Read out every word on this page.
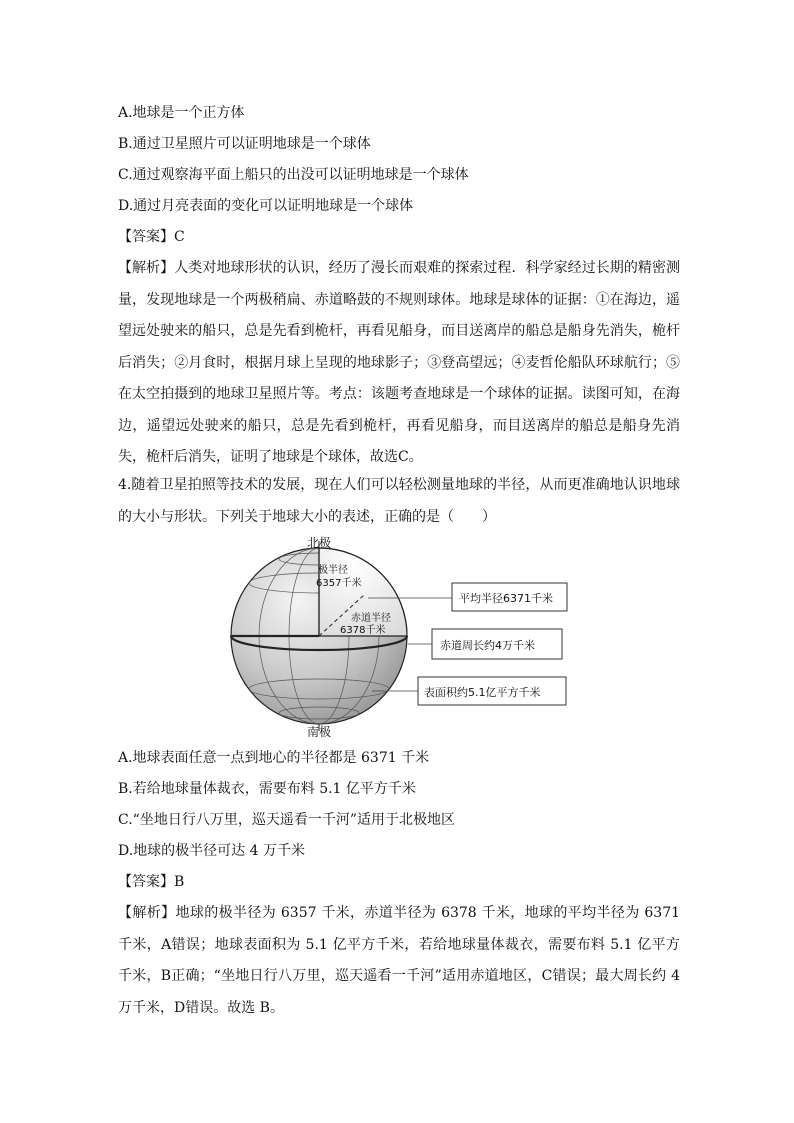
A.地球是一个正方体
B.通过卫星照片可以证明地球是一个球体
C.通过观察海平面上船只的出没可以证明地球是一个球体
D.通过月亮表面的变化可以证明地球是一个球体
【答案】C
【解析】人类对地球形状的认识，经历了漫长而艰难的探索过程．科学家经过长期的精密测量，发现地球是一个两极稍扁、赤道略鼓的不规则球体。地球是球体的证据：①在海边，遥望远处驶来的船只，总是先看到桅杆，再看见船身，而目送离岸的船总是船身先消失，桅杆后消失；②月食时，根据月球上呈现的地球影子；③登高望远；④麦哲伦船队环球航行；⑤在太空拍摄到的地球卫星照片等。考点：该题考查地球是一个球体的证据。读图可知，在海边，遥望远处驶来的船只，总是先看到桅杆，再看见船身，而目送离岸的船总是船身先消失，桅杆后消失，证明了地球是个球体，故选C。
4.随着卫星拍照等技术的发展，现在人们可以轻松测量地球的半径，从而更准确地认识地球的大小与形状。下列关于地球大小的表述，正确的是（　　）
北极
南极
极半径
6357千米
赤道半径
6378千米
平均半径6371千米
赤道周长约4万千米
表面积约5.1亿平方千米
A.地球表面任意一点到地心的半径都是 6371 千米
B.若给地球量体裁衣，需要布料 5.1 亿平方千米
C.“坐地日行八万里，巡天遥看一千河”适用于北极地区
D.地球的极半径可达 4 万千米
【答案】B
【解析】地球的极半径为 6357 千米，赤道半径为 6378 千米，地球的平均半径为 6371 千米，A错误；地球表面积为 5.1 亿平方千米，若给地球量体裁衣，需要布料 5.1 亿平方千米，B正确；“坐地日行八万里，巡天遥看一千河”适用赤道地区，C错误；最大周长约 4 万千米，D错误。故选 B。
